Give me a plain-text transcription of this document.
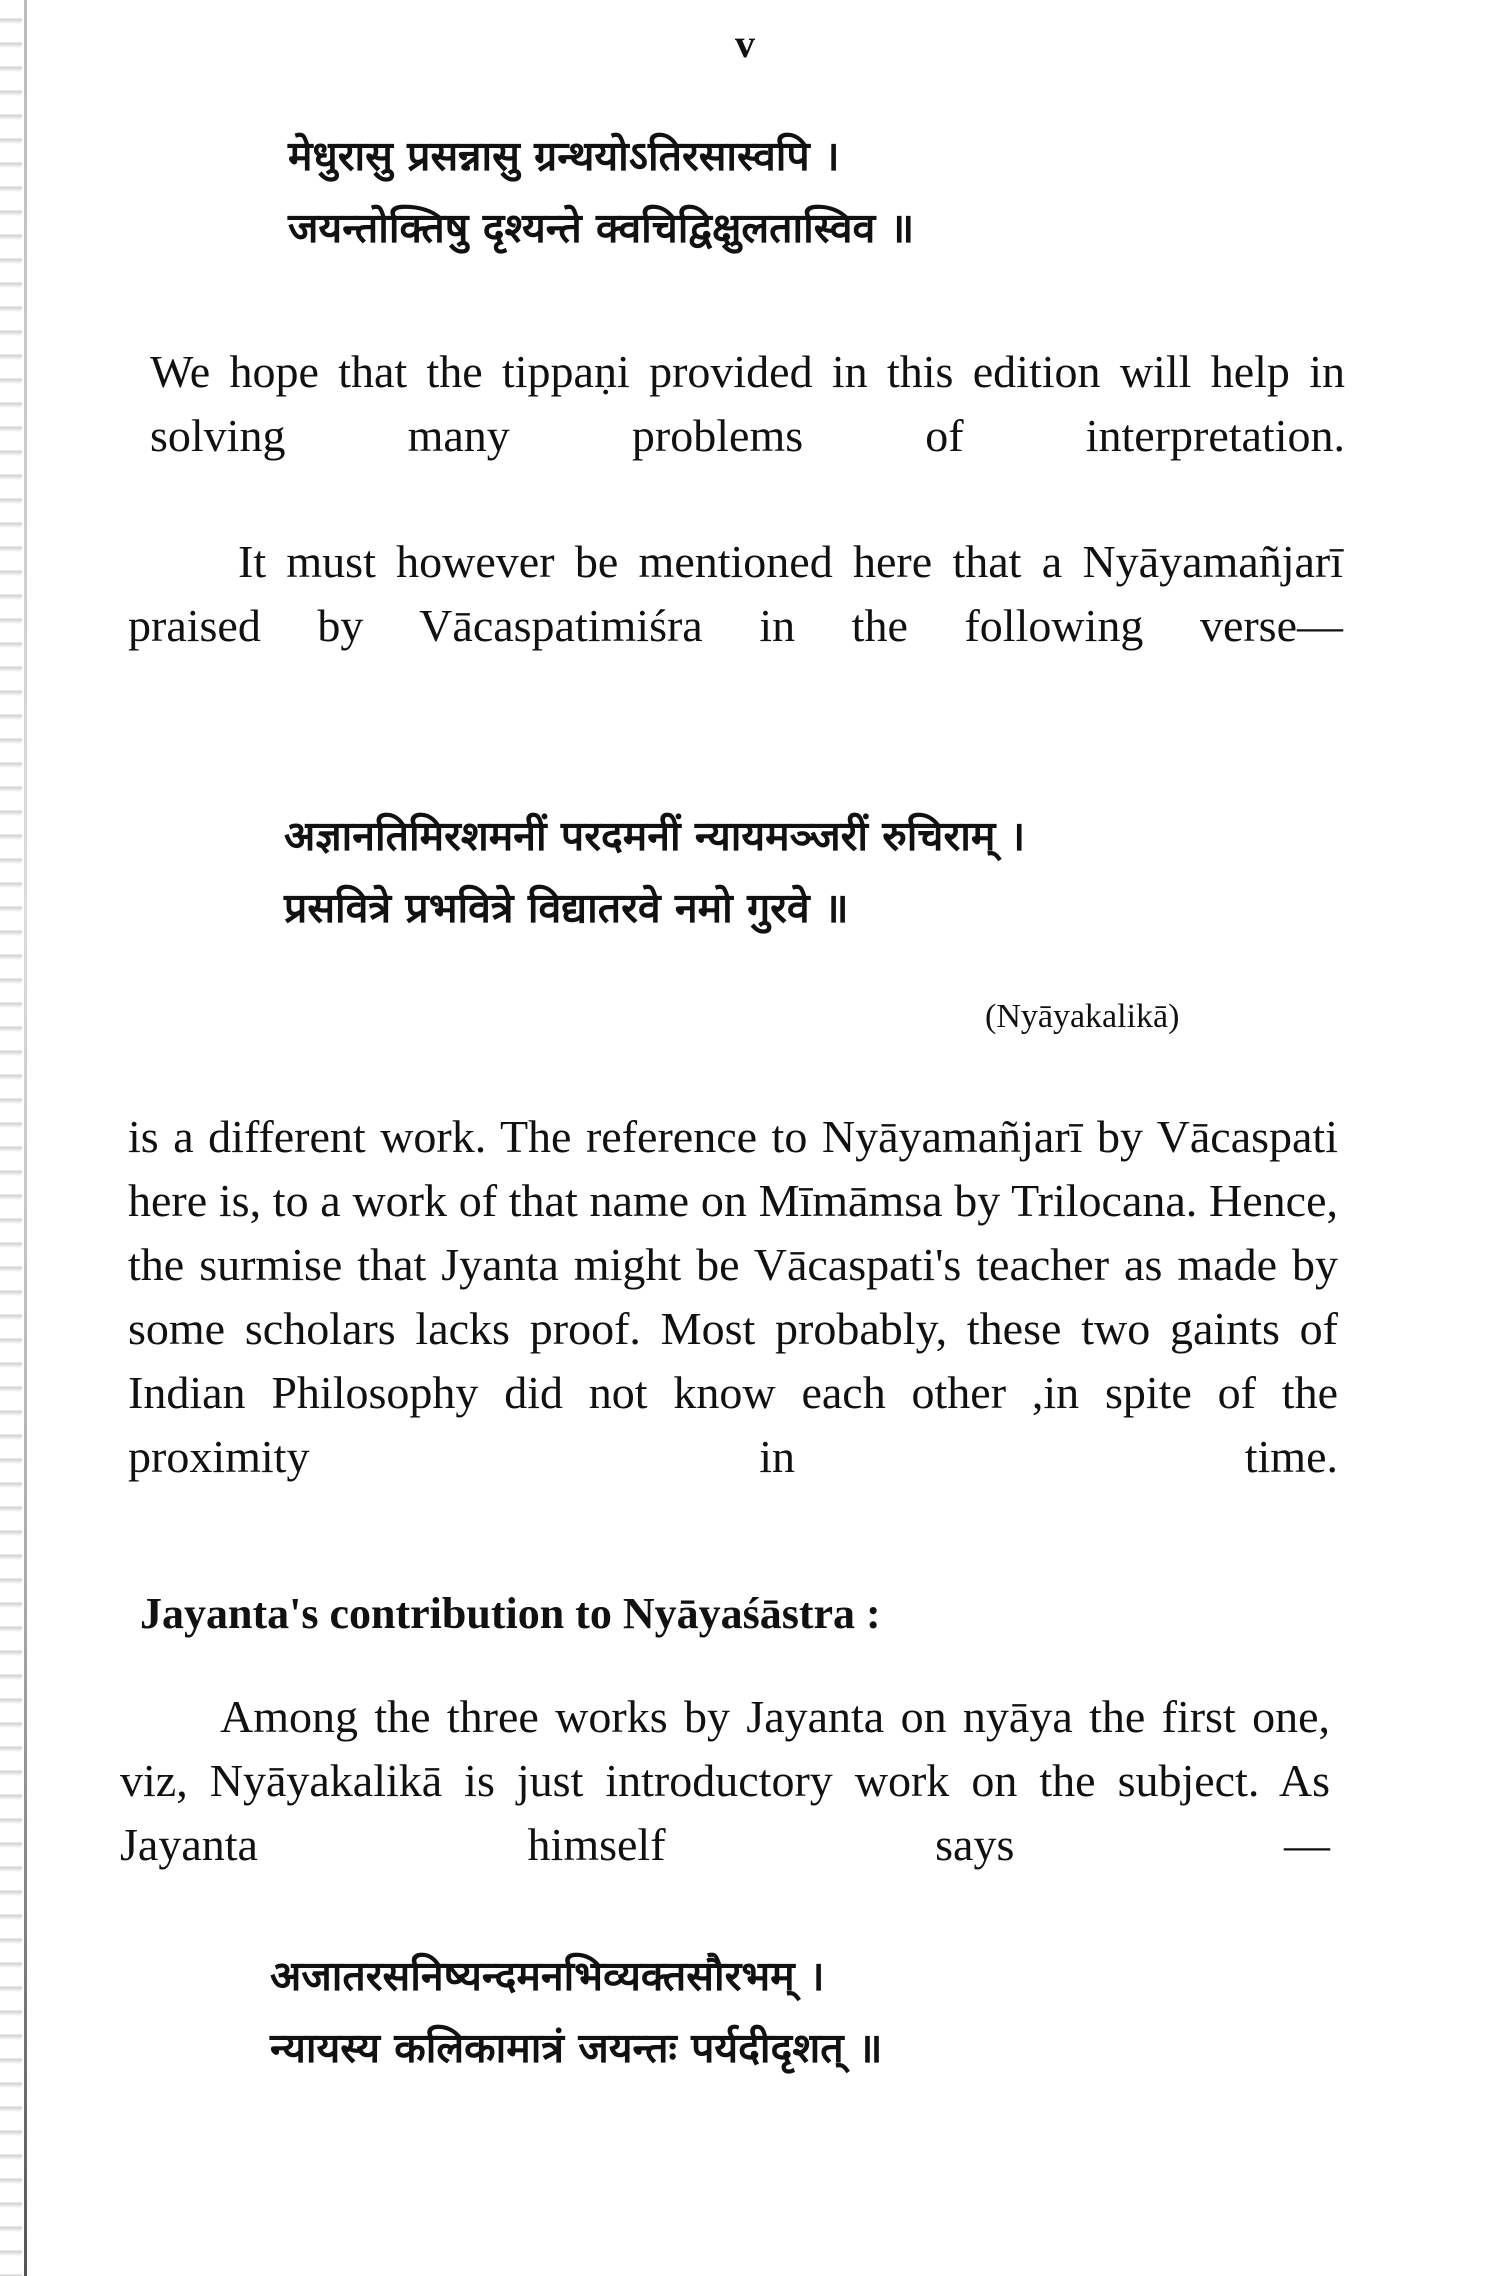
v
मेधुरासु प्रसन्नासु ग्रन्थयोऽतिरसास्वपि ।
जयन्तोक्तिषु दृश्यन्ते क्वचिद्विक्षुलतास्विव ॥
We hope that the tippaṇi provided in this edition will help in solving many problems of interpretation.
It must however be mentioned here that a Nyāyamañjarī praised by Vācaspatimiśra in the following verse—
अज्ञानतिमिरशमनीं परदमनीं न्यायमञ्जरीं रुचिराम् ।
प्रसवित्रे प्रभवित्रे विद्यातरवे नमो गुरवे ॥
(Nyāyakalikā)
is a different work. The reference to Nyāyamañjarī by Vācaspati here is, to a work of that name on Mīmāmsa by Trilocana. Hence, the surmise that Jyanta might be Vācaspati's teacher as made by some scholars lacks proof. Most probably, these two gaints of Indian Philosophy did not know each other ,in spite of the proximity in time.
Jayanta's contribution to Nyāyaśāstra :
Among the three works by Jayanta on nyāya the first one, viz, Nyāyakalikā is just introductory work on the subject. As Jayanta himself says —
अजातरसनिष्यन्दमनभिव्यक्तसौरभम् ।
न्यायस्य कलिकामात्रं जयन्तः पर्यदीदृशत् ॥
